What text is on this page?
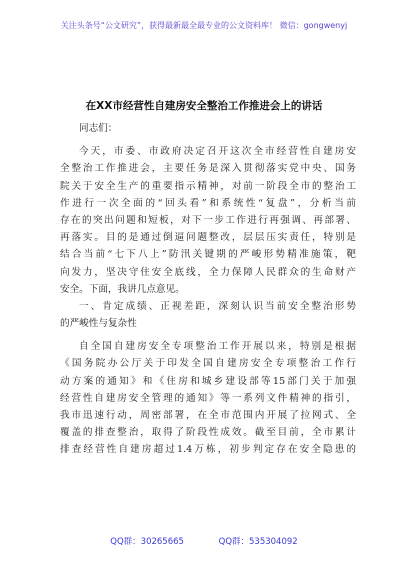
关注头条号“公文研究”，获得最新最全最专业的公文资料库！ 微信：gongwenyj
在XX市经营性自建房安全整治工作推进会上的讲话
同志们：
今天，市委、市政府决定召开这次全市经营性自建房安
全整治工作推进会，主要任务是深入贯彻落实党中央、国务
院关于安全生产的重要指示精神，对前一阶段全市的整治工
作进行一次全面的“回头看”和系统性“复盘”，分析当前
存在的突出问题和短板，对下一步工作进行再强调、再部署、
再落实。目的是通过倒逼问题整改，层层压实责任，特别是
结合当前“七下八上”防汛关键期的严峻形势精准施策，靶
向发力，坚决守住安全底线，全力保障人民群众的生命财产
安全。下面，我讲几点意见。
一、肯定成绩、正视差距，深刻认识当前安全整治形势
的严峻性与复杂性
自全国自建房安全专项整治工作开展以来，特别是根据
《国务院办公厅关于印发全国自建房安全专项整治工作行
动方案的通知》和《住房和城乡建设部等15部门关于加强
经营性自建房安全管理的通知》等一系列文件精神的指引，
我市迅速行动，周密部署，在全市范围内开展了拉网式、全
覆盖的排查整治，取得了阶段性成效。截至目前，全市累计
排查经营性自建房超过1.4万栋，初步判定存在安全隐患的
QQ群：30265665	QQ群：535304092
